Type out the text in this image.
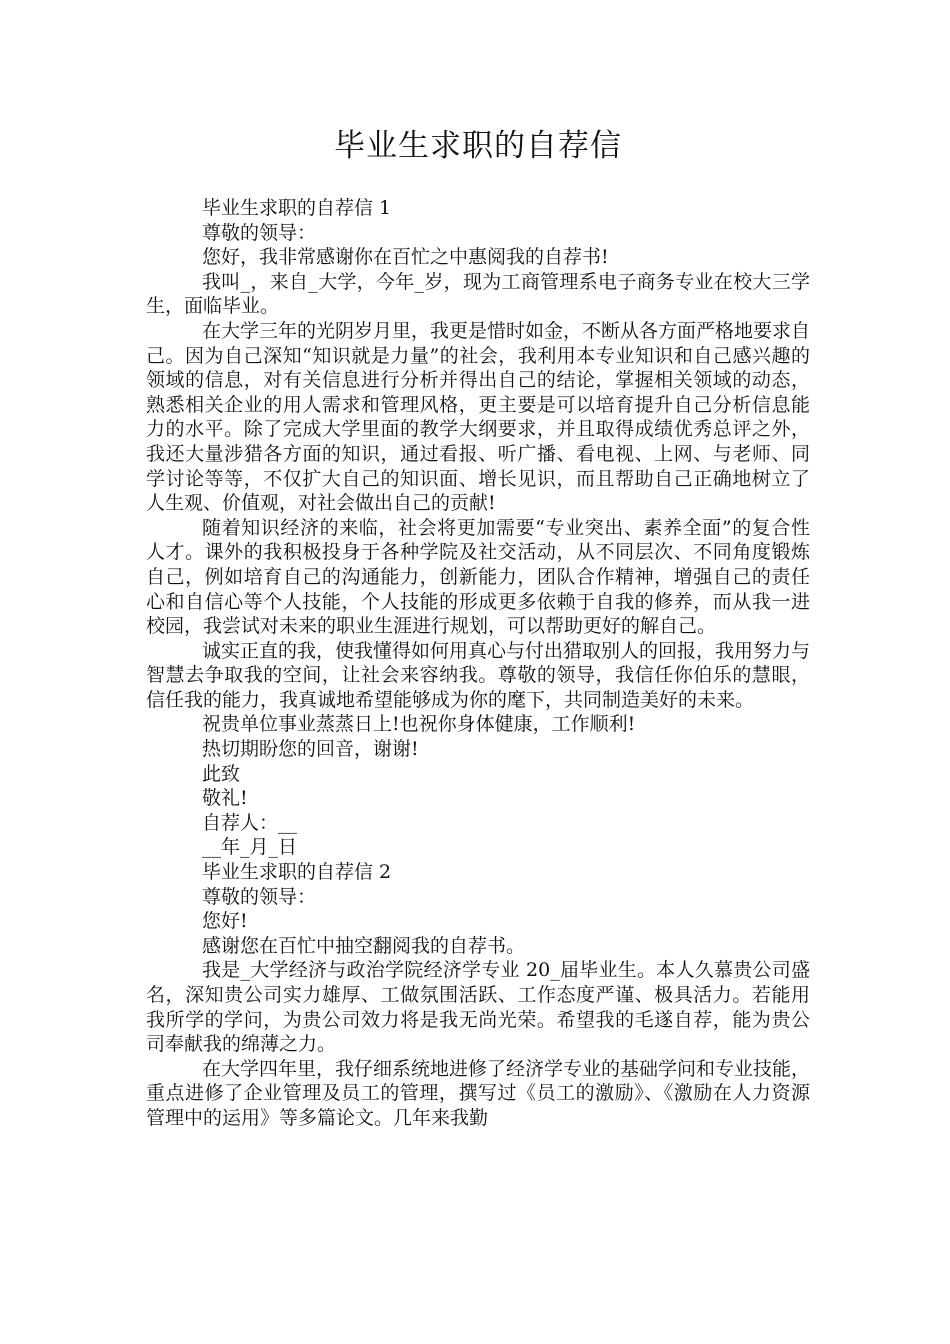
毕业生求职的自荐信

毕业生求职的自荐信 1

尊敬的领导：

您好，我非常感谢你在百忙之中惠阅我的自荐书!

我叫_，来自_大学，今年_岁，现为工商管理系电子商务专业在校大三学生，面临毕业。

在大学三年的光阴岁月里，我更是惜时如金，不断从各方面严格地要求自己。因为自己深知“知识就是力量”的社会，我利用本专业知识和自己感兴趣的领域的信息，对有关信息进行分析并得出自己的结论，掌握相关领域的动态，熟悉相关企业的用人需求和管理风格，更主要是可以培育提升自己分析信息能力的水平。除了完成大学里面的教学大纲要求，并且取得成绩优秀总评之外，我还大量涉猎各方面的知识，通过看报、听广播、看电视、上网、与老师、同学讨论等等，不仅扩大自己的知识面、增长见识，而且帮助自己正确地树立了人生观、价值观，对社会做出自己的贡献!

随着知识经济的来临，社会将更加需要“专业突出、素养全面”的复合性人才。课外的我积极投身于各种学院及社交活动，从不同层次、不同角度锻炼自己，例如培育自己的沟通能力，创新能力，团队合作精神，增强自己的责任心和自信心等个人技能，个人技能的形成更多依赖于自我的修养，而从我一进校园，我尝试对未来的职业生涯进行规划，可以帮助更好的解自己。

诚实正直的我，使我懂得如何用真心与付出猎取别人的回报，我用努力与智慧去争取我的空间，让社会来容纳我。尊敬的领导，我信任你伯乐的慧眼，信任我的能力，我真诚地希望能够成为你的麾下，共同制造美好的未来。

祝贵单位事业蒸蒸日上!也祝你身体健康，工作顺利!

热切期盼您的回音，谢谢!

此致

敬礼!

自荐人：__

__年_月_日

毕业生求职的自荐信 2

尊敬的领导：

您好!

感谢您在百忙中抽空翻阅我的自荐书。

我是_大学经济与政治学院经济学专业 20_届毕业生。本人久慕贵公司盛名，深知贵公司实力雄厚、工做氛围活跃、工作态度严谨、极具活力。若能用我所学的学问，为贵公司效力将是我无尚光荣。希望我的毛遂自荐，能为贵公司奉献我的绵薄之力。

在大学四年里，我仔细系统地进修了经济学专业的基础学问和专业技能，重点进修了企业管理及员工的管理，撰写过《员工的激励》、《激励在人力资源管理中的运用》等多篇论文。几年来我勤
